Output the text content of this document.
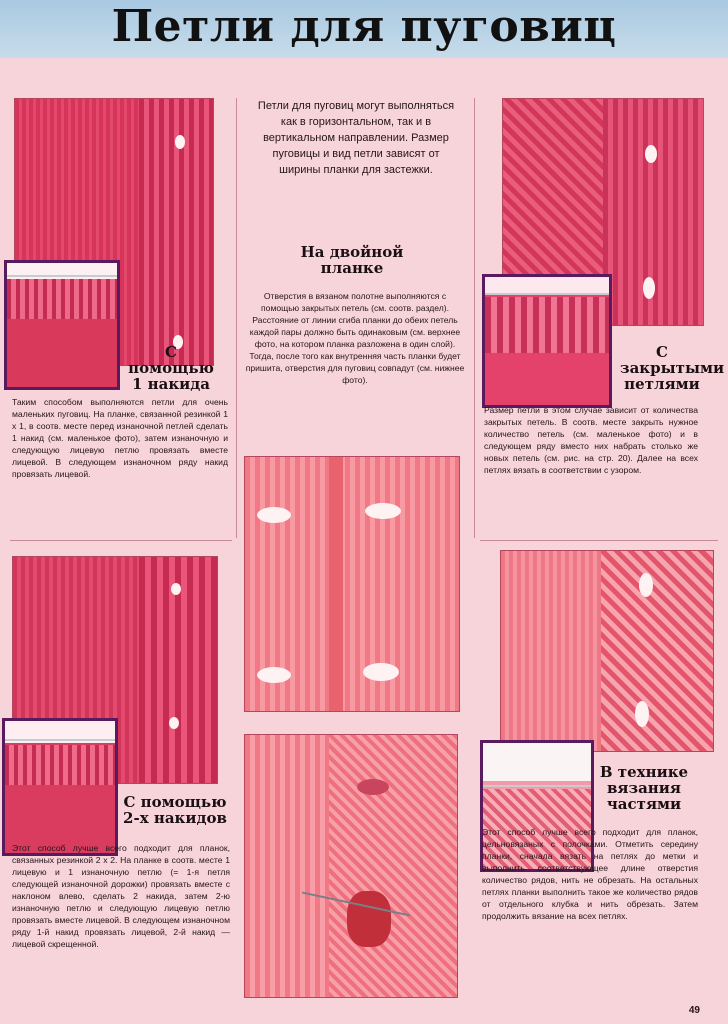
Петли для пуговиц
С помощью 1 накида
Таким способом выполняются петли для очень маленьких пуговиц. На планке, связанной резинкой 1 x 1, в соотв. месте перед изнаночной петлей сделать 1 накид (см. маленькое фото), затем изнаночную и следующую лицевую петлю провязать вместе лицевой. В следующем изнаночном ряду накид провязать лицевой.
Петли для пуговиц могут выполняться как в горизонтальном, так и в вертикальном направлении. Размер пуговицы и вид петли зависят от ширины планки для застежки.
На двойной планке
Отверстия в вязаном полотне выполняются с помощью закрытых петель (см. соотв. раздел). Расстояние от линии сгиба планки до обеих петель каждой пары должно быть одинаковым (см. верхнее фото, на котором планка разложена в один слой). Тогда, после того как внутренняя часть планки будет пришита, отверстия для пуговиц совпадут (см. нижнее фото).
С закрытыми петлями
Размер петли в этом случае зависит от количества закрытых петель. В соотв. месте закрыть нужное количество петель (см. маленькое фото) и в следующем ряду вместо них набрать столько же новых петель (см. рис. на стр. 20). Далее на всех петлях вязать в соответствии с узором.
С помощью 2-х накидов
Этот способ лучше всего подходит для планок, связанных резинкой 2 x 2. На планке в соотв. месте 1 лицевую и 1 изнаночную петлю (= 1-я петля следующей изнаночной дорожки) провязать вместе с наклоном влево, сделать 2 накида, затем 2-ю изнаночную петлю и следующую лицевую петлю провязать вместе лицевой. В следующем изнаночном ряду 1-й накид провязать лицевой, 2-й накид — лицевой скрещенной.
В технике вязания частями
Этот способ лучше всего подходит для планок, цельновязаных с полочками. Отметить середину планки, сначала вязать на петлях до метки и выполнить соответствующее длине отверстия количество рядов, нить не обрезать. На остальных петлях планки выполнить такое же количество рядов от отдельного клубка и нить обрезать. Затем продолжить вязание на всех петлях.
49
